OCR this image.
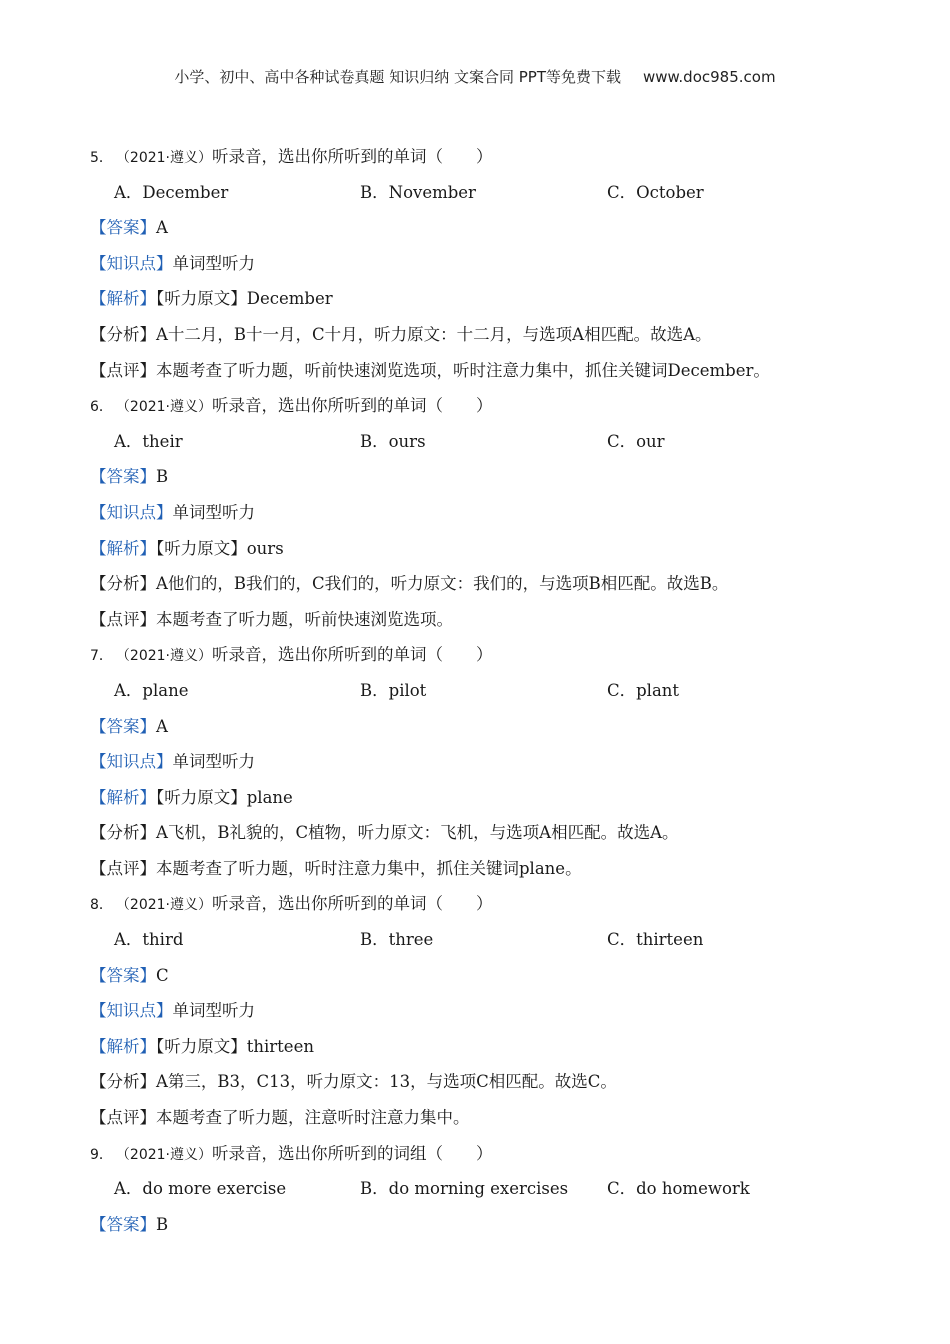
小学、初中、高中各种试卷真题 知识归纳 文案合同 PPT等免费下载 www.doc985.com
5． （2021·遵义）听录音，选出你所听到的单词（　　）
A．December	B．November	C．October
【答案】A
【知识点】单词型听力
【解析】【听力原文】December
【分析】A十二月，B十一月，C十月，听力原文：十二月，与选项A相匹配。故选A。
【点评】本题考查了听力题，听前快速浏览选项，听时注意力集中，抓住关键词December。
6． （2021·遵义）听录音，选出你所听到的单词（　　）
A．their	B．ours	C．our
【答案】B
【知识点】单词型听力
【解析】【听力原文】ours
【分析】A他们的，B我们的，C我们的，听力原文：我们的，与选项B相匹配。故选B。
【点评】本题考查了听力题，听前快速浏览选项。
7． （2021·遵义）听录音，选出你所听到的单词（　　）
A．plane	B．pilot	C．plant
【答案】A
【知识点】单词型听力
【解析】【听力原文】plane
【分析】A飞机，B礼貌的，C植物，听力原文：飞机，与选项A相匹配。故选A。
【点评】本题考查了听力题，听时注意力集中，抓住关键词plane。
8． （2021·遵义）听录音，选出你所听到的单词（　　）
A．third	B．three	C．thirteen
【答案】C
【知识点】单词型听力
【解析】【听力原文】thirteen
【分析】A第三，B3，C13，听力原文：13，与选项C相匹配。故选C。
【点评】本题考查了听力题，注意听时注意力集中。
9． （2021·遵义）听录音，选出你所听到的词组（　　）
A．do more exercise	B．do morning exercises C．do homework
【答案】B
